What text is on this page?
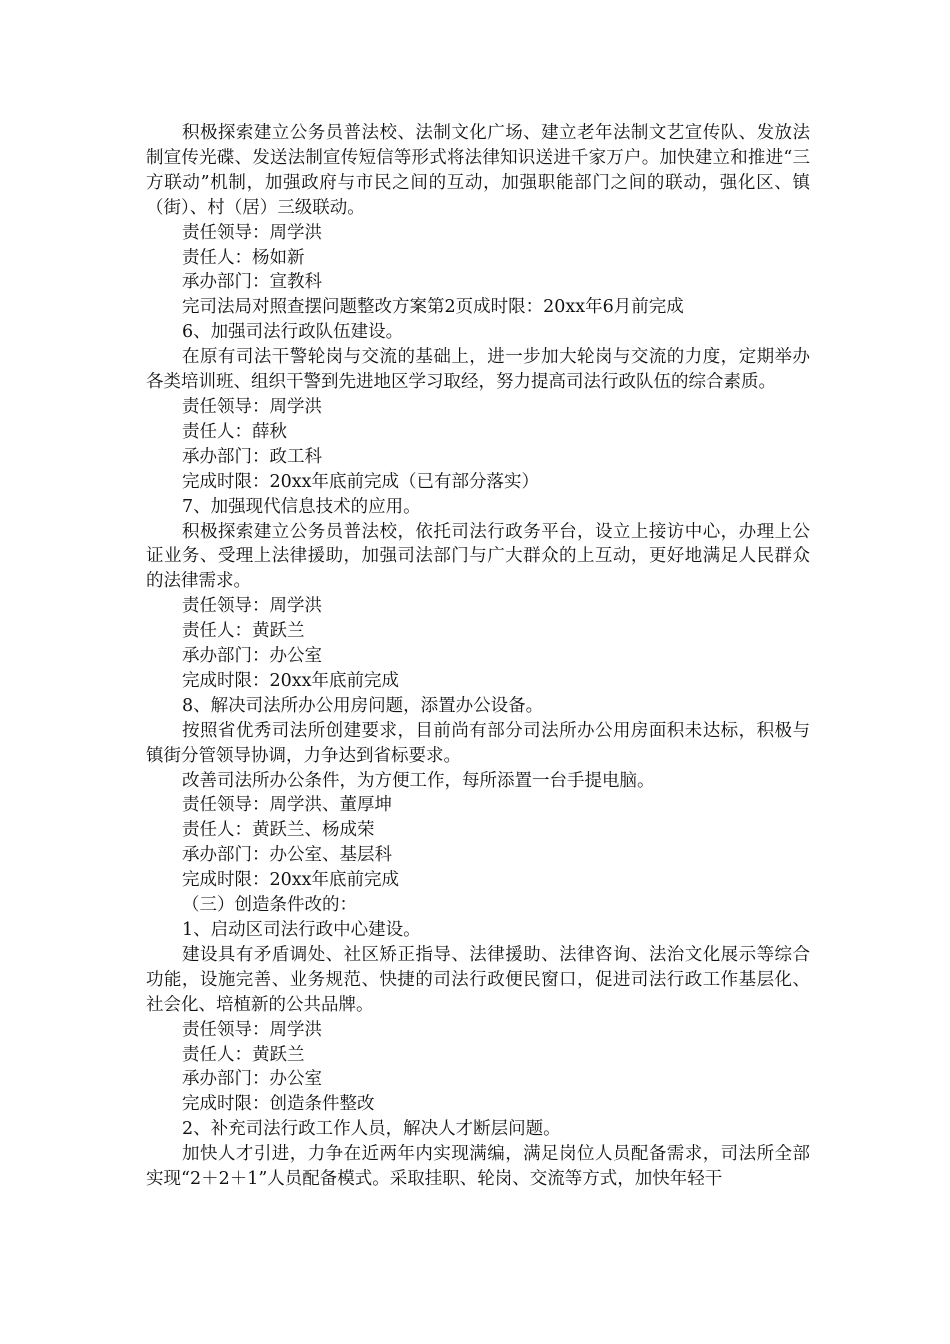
积极探索建立公务员普法校、法制文化广场、建立老年法制文艺宣传队、发放法制宣传光碟、发送法制宣传短信等形式将法律知识送进千家万户。加快建立和推进“三方联动”机制，加强政府与市民之间的互动，加强职能部门之间的联动，强化区、镇（街）、村（居）三级联动。

责任领导：周学洪

责任人：杨如新

承办部门：宣教科

完司法局对照查摆问题整改方案第2页成时限：20xx年6月前完成

6、加强司法行政队伍建设。

在原有司法干警轮岗与交流的基础上，进一步加大轮岗与交流的力度，定期举办各类培训班、组织干警到先进地区学习取经，努力提高司法行政队伍的综合素质。

责任领导：周学洪

责任人：薛秋

承办部门：政工科

完成时限：20xx年底前完成（已有部分落实）

7、加强现代信息技术的应用。

积极探索建立公务员普法校，依托司法行政务平台，设立上接访中心，办理上公证业务、受理上法律援助，加强司法部门与广大群众的上互动，更好地满足人民群众的法律需求。

责任领导：周学洪

责任人：黄跃兰

承办部门：办公室

完成时限：20xx年底前完成

8、解决司法所办公用房问题，添置办公设备。

按照省优秀司法所创建要求，目前尚有部分司法所办公用房面积未达标，积极与镇街分管领导协调，力争达到省标要求。

改善司法所办公条件，为方便工作，每所添置一台手提电脑。

责任领导：周学洪、董厚坤

责任人：黄跃兰、杨成荣

承办部门：办公室、基层科

完成时限：20xx年底前完成

（三）创造条件改的：

1、启动区司法行政中心建设。

建设具有矛盾调处、社区矫正指导、法律援助、法律咨询、法治文化展示等综合功能，设施完善、业务规范、快捷的司法行政便民窗口，促进司法行政工作基层化、社会化、培植新的公共品牌。

责任领导：周学洪

责任人：黄跃兰

承办部门：办公室

完成时限：创造条件整改

2、补充司法行政工作人员，解决人才断层问题。

加快人才引进，力争在近两年内实现满编，满足岗位人员配备需求，司法所全部实现“2＋2＋1”人员配备模式。采取挂职、轮岗、交流等方式，加快年轻干
